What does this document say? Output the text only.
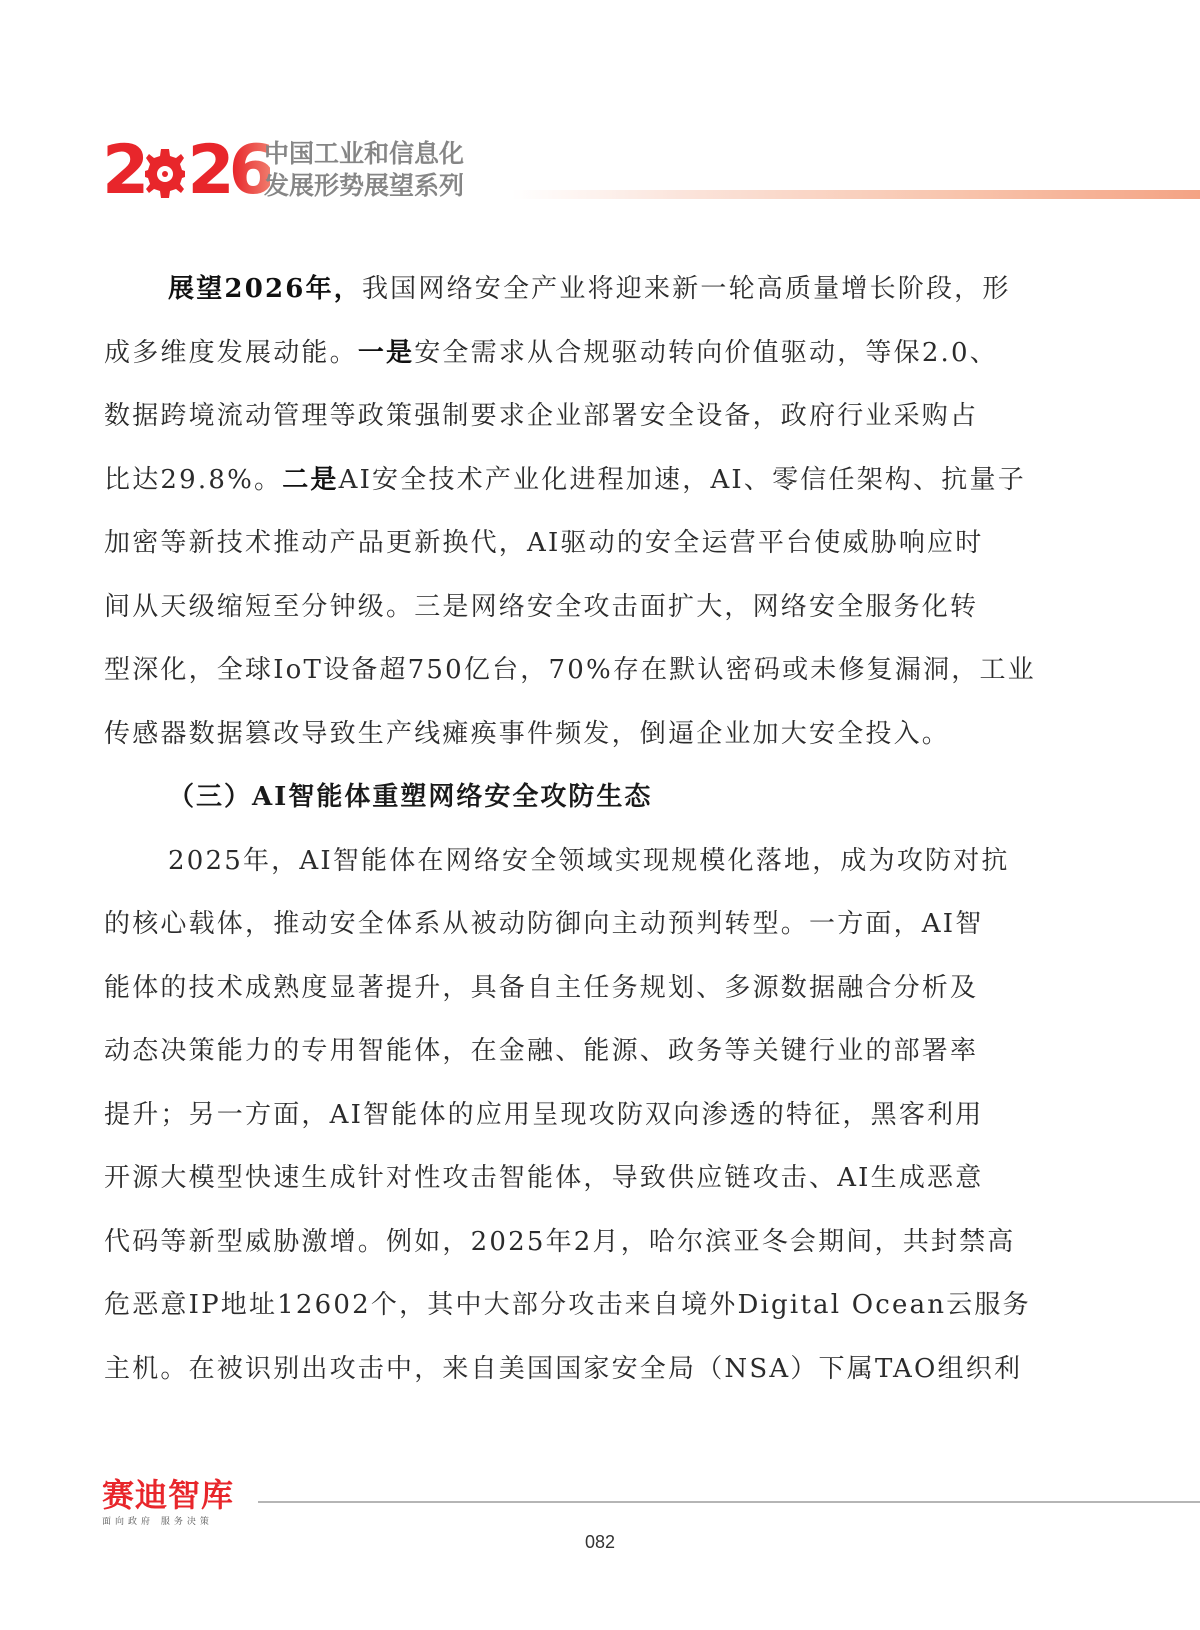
2 26
中国工业和信息化
发展形势展望系列
展望2026年，我国网络安全产业将迎来新一轮高质量增长阶段，形
成多维度发展动能。一是安全需求从合规驱动转向价值驱动，等保2.0、
数据跨境流动管理等政策强制要求企业部署安全设备，政府行业采购占
比达29.8%。二是AI安全技术产业化进程加速，AI、零信任架构、抗量子
加密等新技术推动产品更新换代，AI驱动的安全运营平台使威胁响应时
间从天级缩短至分钟级。三是网络安全攻击面扩大，网络安全服务化转
型深化，全球IoT设备超750亿台，70%存在默认密码或未修复漏洞，工业
传感器数据篡改导致生产线瘫痪事件频发，倒逼企业加大安全投入。
（三）AI智能体重塑网络安全攻防生态
2025年，AI智能体在网络安全领域实现规模化落地，成为攻防对抗
的核心载体，推动安全体系从被动防御向主动预判转型。一方面，AI智
能体的技术成熟度显著提升，具备自主任务规划、多源数据融合分析及
动态决策能力的专用智能体，在金融、能源、政务等关键行业的部署率
提升；另一方面，AI智能体的应用呈现攻防双向渗透的特征，黑客利用
开源大模型快速生成针对性攻击智能体，导致供应链攻击、AI生成恶意
代码等新型威胁激增。例如，2025年2月，哈尔滨亚冬会期间，共封禁高
危恶意IP地址12602个，其中大部分攻击来自境外Digital Ocean云服务
主机。在被识别出攻击中，来自美国国家安全局（NSA）下属TAO组织利
赛迪智库
面向政府 服务决策
082
